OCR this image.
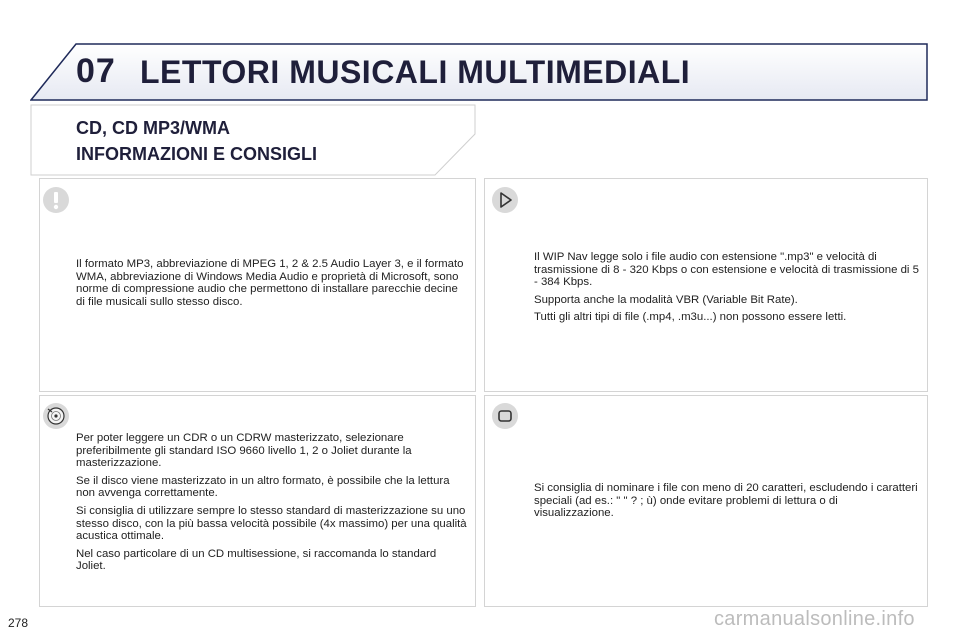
07 LETTORI MUSICALI MULTIMEDIALI
CD, CD MP3/WMA
INFORMAZIONI E CONSIGLI

Il formato MP3, abbreviazione di MPEG 1, 2 & 2.5 Audio Layer 3, e il formato WMA, abbreviazione di Windows Media Audio e proprietà di Microsoft, sono norme di compressione audio che permettono di installare parecchie decine di file musicali sullo stesso disco.

Il WIP Nav legge solo i file audio con estensione ".mp3" e velocità di trasmissione di 8 - 320 Kbps o con estensione e velocità di trasmissione di 5 - 384 Kbps.

Supporta anche la modalità VBR (Variable Bit Rate).

Tutti gli altri tipi di file (.mp4, .m3u...) non possono essere letti.

Per poter leggere un CDR o un CDRW masterizzato, selezionare preferibilmente gli standard ISO 9660 livello 1, 2 o Joliet durante la masterizzazione.

Se il disco viene masterizzato in un altro formato, è possibile che la lettura non avvenga correttamente.

Si consiglia di utilizzare sempre lo stesso standard di masterizzazione su uno stesso disco, con la più bassa velocità possibile (4x massimo) per una qualità acustica ottimale.

Nel caso particolare di un CD multisessione, si raccomanda lo standard Joliet.

Si consiglia di nominare i file con meno di 20 caratteri, escludendo i caratteri speciali (ad es.: " " ? ; ù) onde evitare problemi di lettura o di visualizzazione.

278	carmanualsonline.info
